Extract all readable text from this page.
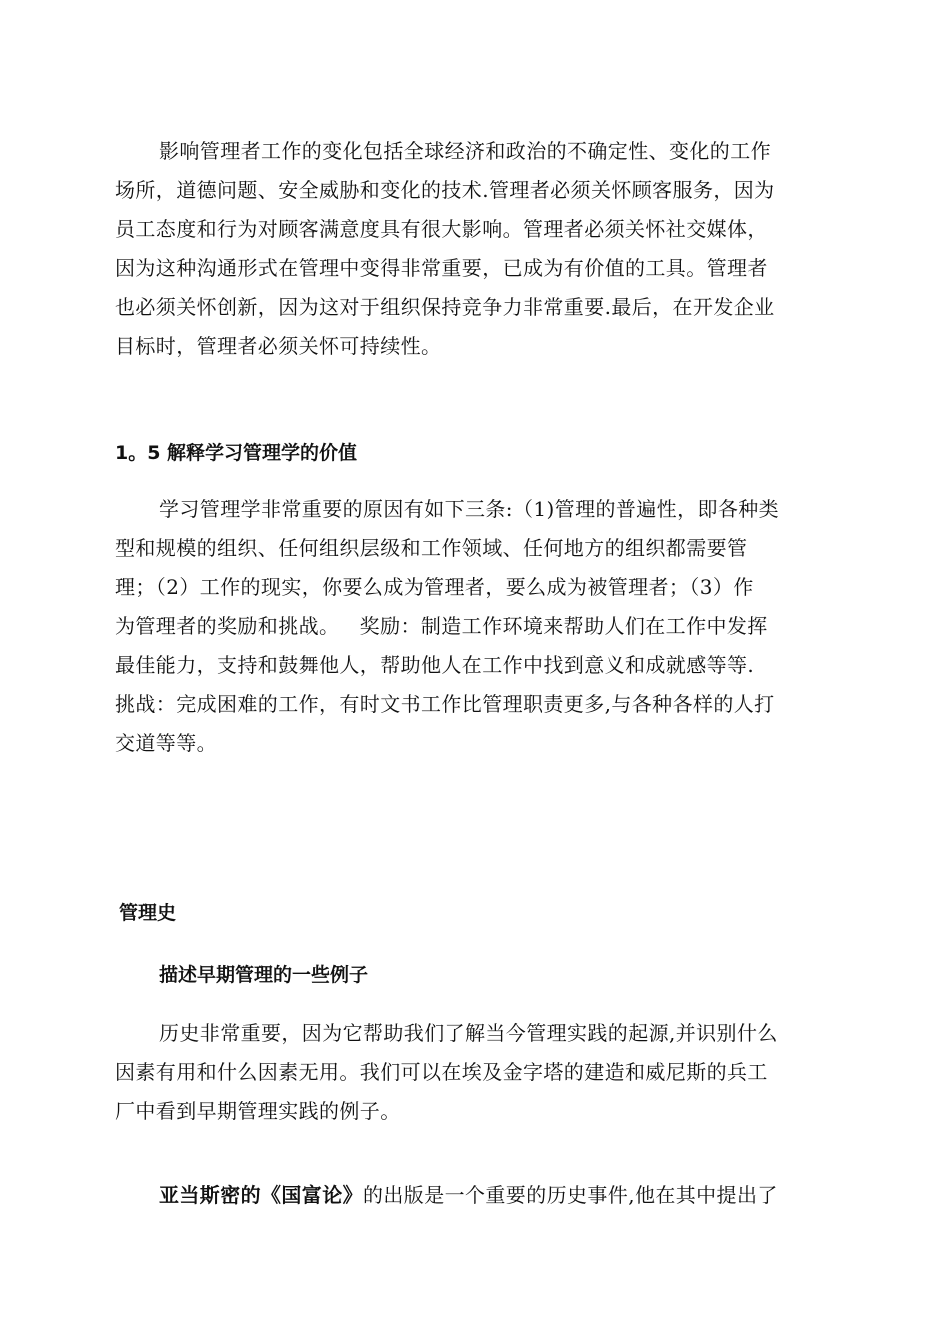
影响管理者工作的变化包括全球经济和政治的不确定性、变化的工作
场所，道德问题、安全威胁和变化的技术.管理者必须关怀顾客服务，因为
员工态度和行为对顾客满意度具有很大影响。管理者必须关怀社交媒体，
因为这种沟通形式在管理中变得非常重要，已成为有价值的工具。管理者
也必须关怀创新，因为这对于组织保持竞争力非常重要.最后，在开发企业
目标时，管理者必须关怀可持续性。

1。5 解释学习管理学的价值

学习管理学非常重要的原因有如下三条:（1)管理的普遍性，即各种类
型和规模的组织、任何组织层级和工作领域、任何地方的组织都需要管
理；（2）工作的现实，你要么成为管理者，要么成为被管理者；（3）作
为管理者的奖励和挑战。   奖励：制造工作环境来帮助人们在工作中发挥
最佳能力，支持和鼓舞他人，帮助他人在工作中找到意义和成就感等等.
挑战：完成困难的工作，有时文书工作比管理职责更多,与各种各样的人打
交道等等。

管理史
描述早期管理的一些例子

历史非常重要，因为它帮助我们了解当今管理实践的起源,并识别什么
因素有用和什么因素无用。我们可以在埃及金字塔的建造和威尼斯的兵工
厂中看到早期管理实践的例子。

亚当斯密的《国富论》的出版是一个重要的历史事件,他在其中提出了
